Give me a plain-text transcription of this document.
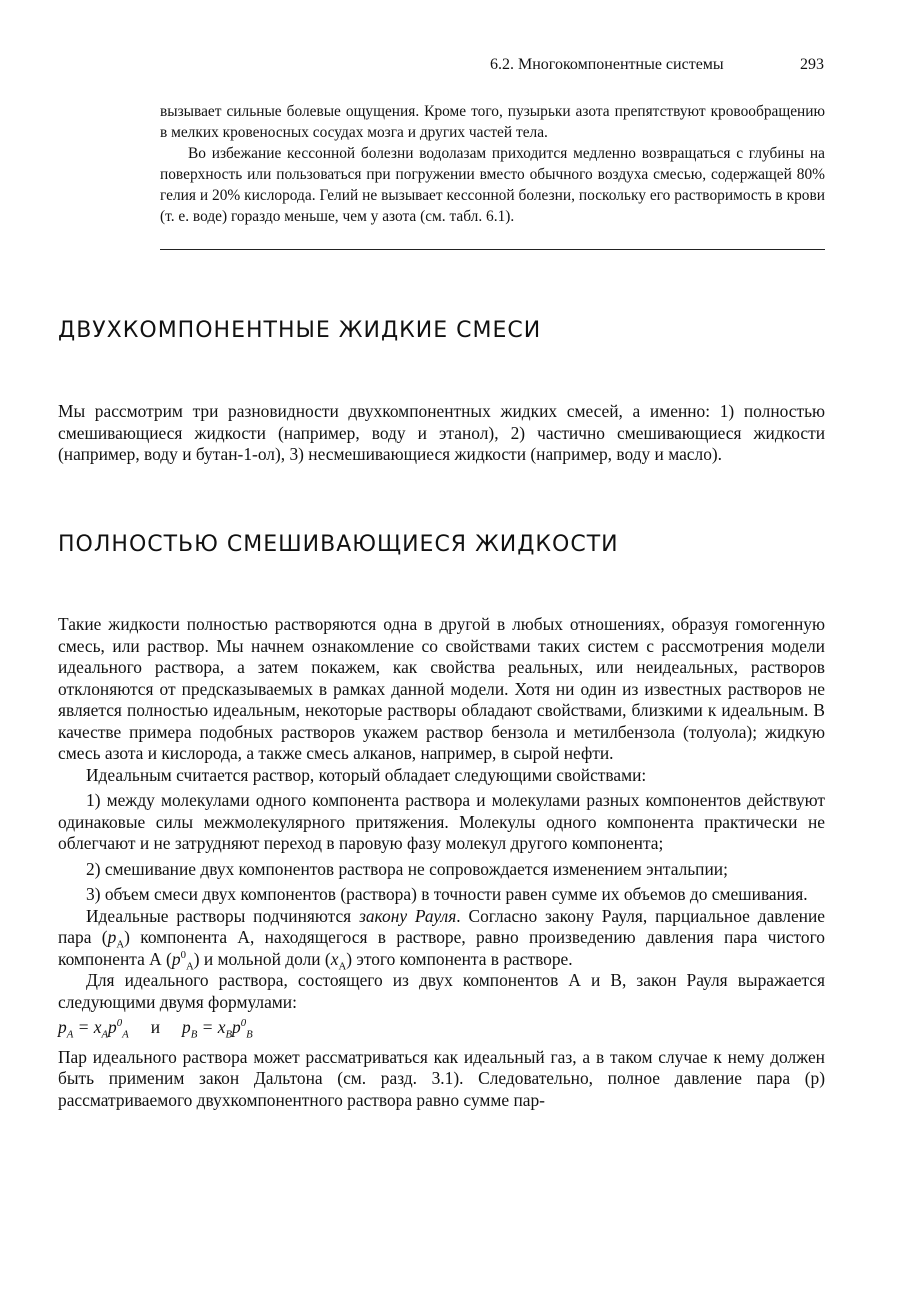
6.2. Многокомпонентные системы	293

вызывает сильные болевые ощущения. Кроме того, пузырьки азота препятствуют кровообращению в мелких кровеносных сосудах мозга и других частей тела.

Во избежание кессонной болезни водолазам приходится медленно возвращаться с глубины на поверхность или пользоваться при погружении вместо обычного воздуха смесью, содержащей 80% гелия и 20% кислорода. Гелий не вызывает кессонной болезни, поскольку его растворимость в крови (т. е. воде) гораздо меньше, чем у азота (см. табл. 6.1).

ДВУХКОМПОНЕНТНЫЕ ЖИДКИЕ СМЕСИ

Мы рассмотрим три разновидности двухкомпонентных жидких смесей, а именно: 1) полностью смешивающиеся жидкости (например, воду и этанол), 2) частично смешивающиеся жидкости (например, воду и бутан-1-ол), 3) несмешивающиеся жидкости (например, воду и масло).

ПОЛНОСТЬЮ СМЕШИВАЮЩИЕСЯ ЖИДКОСТИ

Такие жидкости полностью растворяются одна в другой в любых отношениях, образуя гомогенную смесь, или раствор. Мы начнем ознакомление со свойствами таких систем с рассмотрения модели идеального раствора, а затем покажем, как свойства реальных, или неидеальных, растворов отклоняются от предсказываемых в рамках данной модели. Хотя ни один из известных растворов не является полностью идеальным, некоторые растворы обладают свойствами, близкими к идеальным. В качестве примера подобных растворов укажем раствор бензола и метилбензола (толуола); жидкую смесь азота и кислорода, а также смесь алканов, например, в сырой нефти.

Идеальным считается раствор, который обладает следующими свойствами:

1) между молекулами одного компонента раствора и молекулами разных компонентов действуют одинаковые силы межмолекулярного притяжения. Молекулы одного компонента практически не облегчают и не затрудняют переход в паровую фазу молекул другого компонента;

2) смешивание двух компонентов раствора не сопровождается изменением энтальпии;

3) объем смеси двух компонентов (раствора) в точности равен сумме их объемов до смешивания.

Идеальные растворы подчиняются закону Рауля. Согласно закону Рауля, парциальное давление пара $(p_A)$ компонента А, находящегося в растворе, равно произведению давления пара чистого компонента А $(p^0_A)$ и мольной доли $(x_A)$ этого компонента в растворе.

Для идеального раствора, состоящего из двух компонентов А и В, закон Рауля выражается следующими двумя формулами:

$p_A = x_Ap^0_A$ и $p_B = x_Bp^0_B$

Пар идеального раствора может рассматриваться как идеальный газ, а в таком случае к нему должен быть применим закон Дальтона (см. разд. 3.1). Следовательно, полное давление пара (p) рассматриваемого двухкомпонентного раствора равно сумме пар-
